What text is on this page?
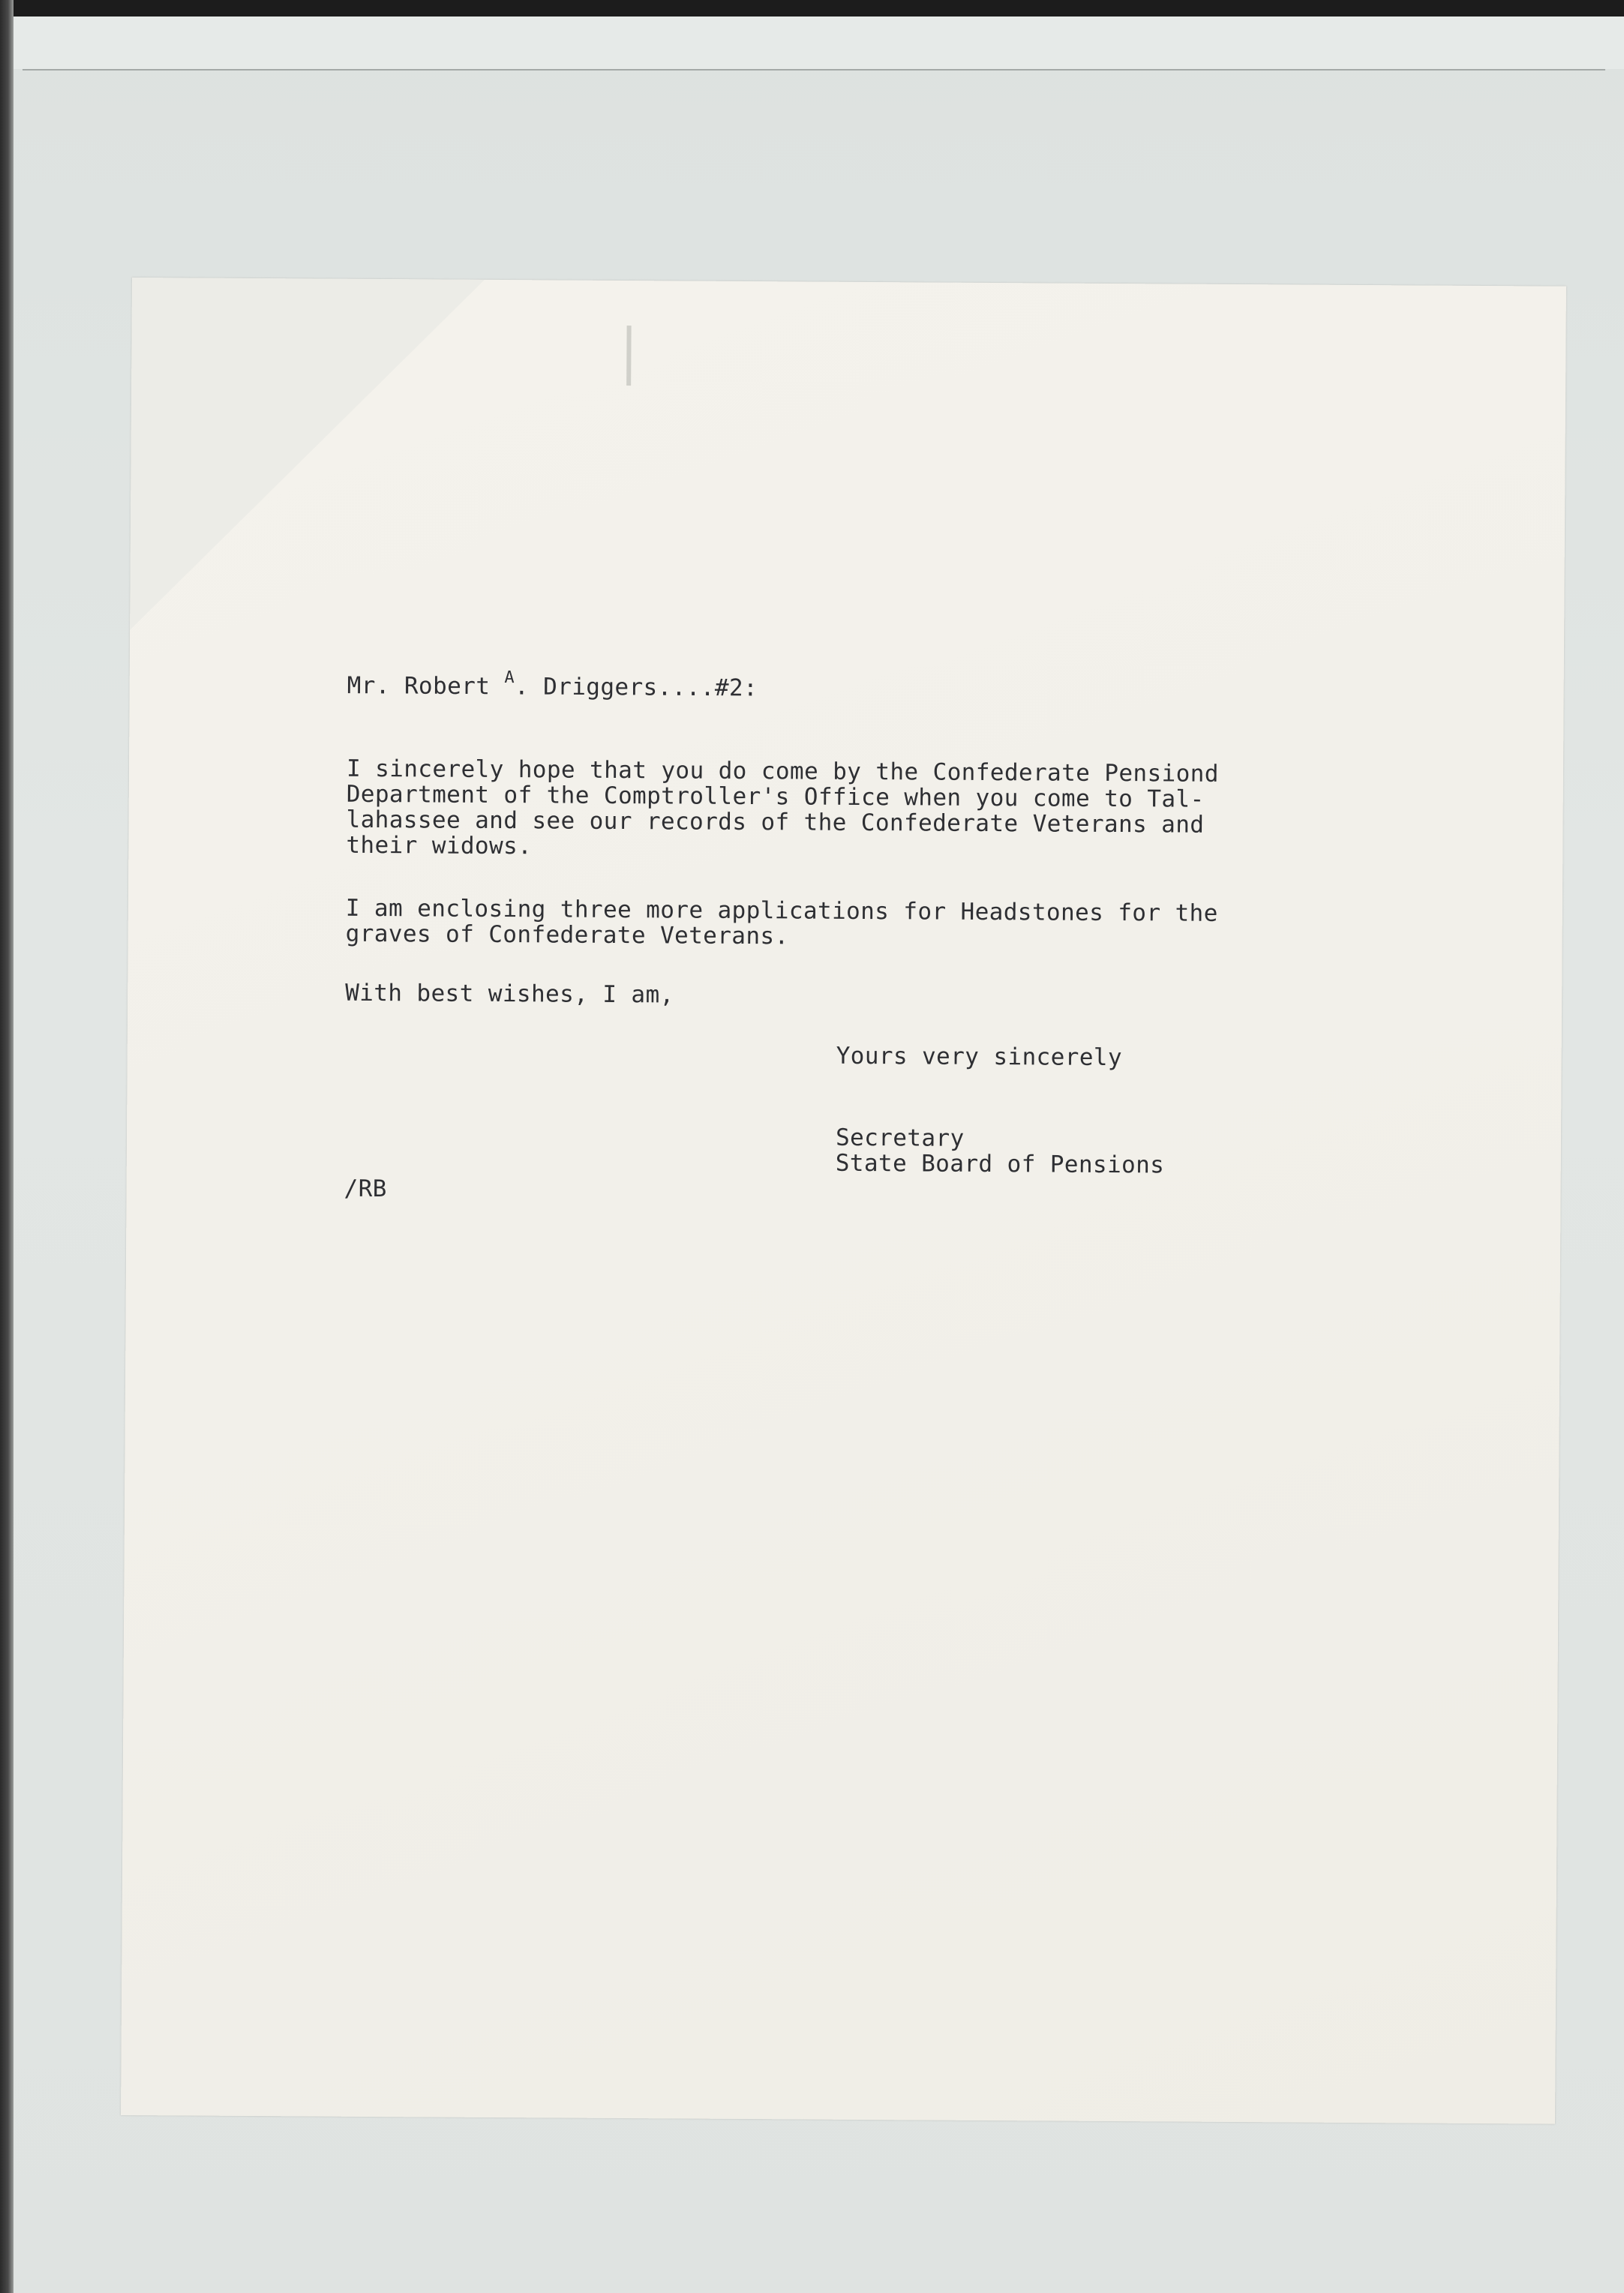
Mr. Robert $^A$. Driggers....#2:

I sincerely hope that you do come by the Confederate Pensiond

Department of the Comptroller's Office when you come to Tal-

lahassee and see our records of the Confederate Veterans and

their widows.

I am enclosing three more applications for Headstones for the

graves of Confederate Veterans.

With best wishes, I am,

Yours very sincerely

Secretary

State Board of Pensions

/RB
